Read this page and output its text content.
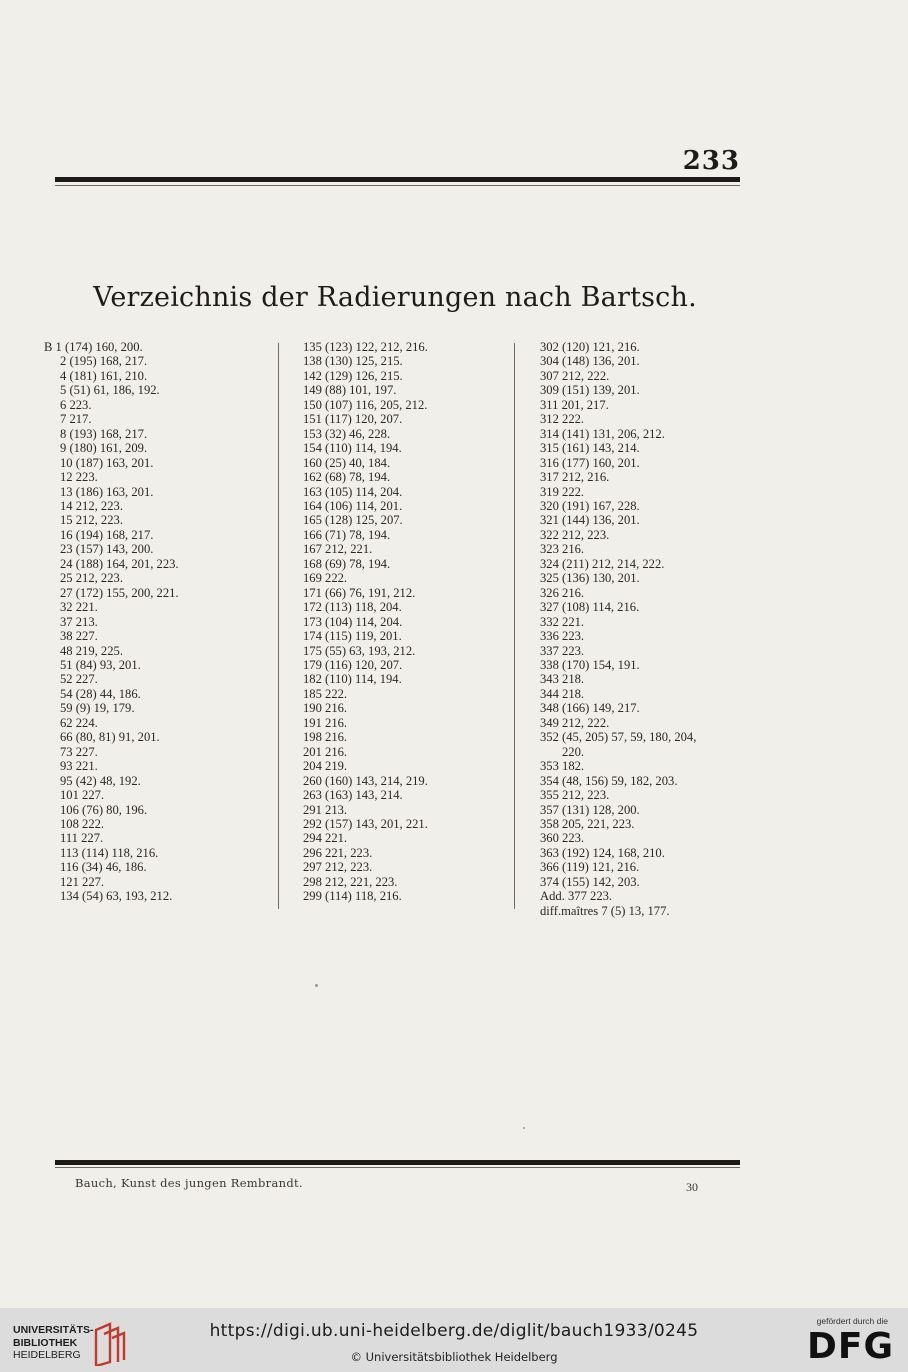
233
Verzeichnis der Radierungen nach Bartsch.
B 1 (174) 160, 200.
2 (195) 168, 217.
4 (181) 161, 210.
5 (51) 61, 186, 192.
6 223.
7 217.
8 (193) 168, 217.
9 (180) 161, 209.
10 (187) 163, 201.
12 223.
13 (186) 163, 201.
14 212, 223.
15 212, 223.
16 (194) 168, 217.
23 (157) 143, 200.
24 (188) 164, 201, 223.
25 212, 223.
27 (172) 155, 200, 221.
32 221.
37 213.
38 227.
48 219, 225.
51 (84) 93, 201.
52 227.
54 (28) 44, 186.
59 (9) 19, 179.
62 224.
66 (80, 81) 91, 201.
73 227.
93 221.
95 (42) 48, 192.
101 227.
106 (76) 80, 196.
108 222.
111 227.
113 (114) 118, 216.
116 (34) 46, 186.
121 227.
134 (54) 63, 193, 212.
135 (123) 122, 212, 216.
138 (130) 125, 215.
142 (129) 126, 215.
149 (88) 101, 197.
150 (107) 116, 205, 212.
151 (117) 120, 207.
153 (32) 46, 228.
154 (110) 114, 194.
160 (25) 40, 184.
162 (68) 78, 194.
163 (105) 114, 204.
164 (106) 114, 201.
165 (128) 125, 207.
166 (71) 78, 194.
167 212, 221.
168 (69) 78, 194.
169 222.
171 (66) 76, 191, 212.
172 (113) 118, 204.
173 (104) 114, 204.
174 (115) 119, 201.
175 (55) 63, 193, 212.
179 (116) 120, 207.
182 (110) 114, 194.
185 222.
190 216.
191 216.
198 216.
201 216.
204 219.
260 (160) 143, 214, 219.
263 (163) 143, 214.
291 213.
292 (157) 143, 201, 221.
294 221.
296 221, 223.
297 212, 223.
298 212, 221, 223.
299 (114) 118, 216.
302 (120) 121, 216.
304 (148) 136, 201.
307 212, 222.
309 (151) 139, 201.
311 201, 217.
312 222.
314 (141) 131, 206, 212.
315 (161) 143, 214.
316 (177) 160, 201.
317 212, 216.
319 222.
320 (191) 167, 228.
321 (144) 136, 201.
322 212, 223.
323 216.
324 (211) 212, 214, 222.
325 (136) 130, 201.
326 216.
327 (108) 114, 216.
332 221.
336 223.
337 223.
338 (170) 154, 191.
343 218.
344 218.
348 (166) 149, 217.
349 212, 222.
352 (45, 205) 57, 59, 180, 204,
220.
353 182.
354 (48, 156) 59, 182, 203.
355 212, 223.
357 (131) 128, 200.
358 205, 221, 223.
360 223.
363 (192) 124, 168, 210.
366 (119) 121, 216.
374 (155) 142, 203.
Add. 377 223.
diff.maîtres 7 (5) 13, 177.
Bauch, Kunst des jungen Rembrandt.	30
UNIVERSITÄTS-
BIBLIOTHEK
HEIDELBERG
https://digi.ub.uni-heidelberg.de/diglit/bauch1933/0245
© Universitätsbibliothek Heidelberg
gefördert durch die
DFG
